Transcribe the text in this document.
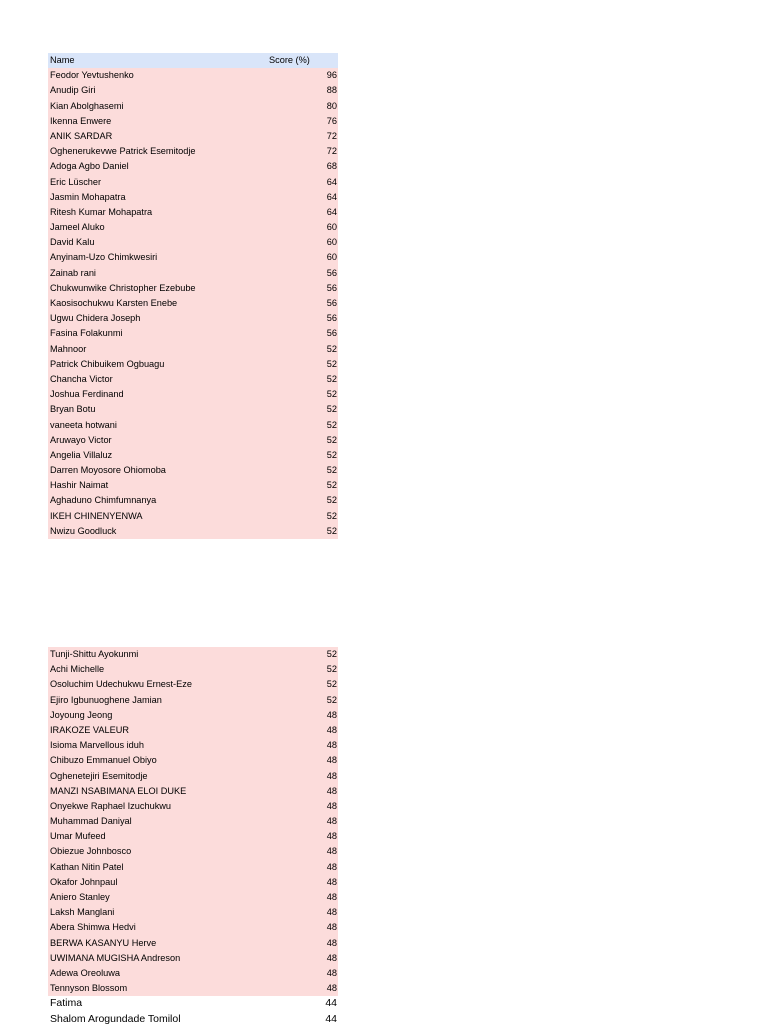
Name	Score (%)
Feodor Yevtushenko	96
Anudip Giri	88
Kian Abolghasemi	80
Ikenna Enwere	76
ANIK SARDAR	72
Oghenerukevwe Patrick Esemitodje	72
Adoga Agbo Daniel	68
Eric Lüscher	64
Jasmin Mohapatra	64
Ritesh Kumar Mohapatra	64
Jameel Aluko	60
David Kalu	60
Anyinam-Uzo Chimkwesiri	60
Zainab rani	56
Chukwunwike Christopher Ezebube	56
Kaosisochukwu Karsten Enebe	56
Ugwu Chidera Joseph	56
Fasina Folakunmi	56
Mahnoor	52
Patrick Chibuikem Ogbuagu	52
Chancha Victor	52
Joshua Ferdinand	52
Bryan Botu	52
vaneeta hotwani	52
Aruwayo Victor	52
Angelia Villaluz	52
Darren Moyosore Ohiomoba	52
Hashir Naimat	52
Aghaduno Chimfumnanya	52
IKEH CHINENYENWA	52
Nwizu Goodluck	52
Tunji-Shittu Ayokunmi	52
Achi Michelle	52
Osoluchim Udechukwu Ernest-Eze	52
Ejiro Igbunuoghene Jamian	52
Joyoung Jeong	48
IRAKOZE VALEUR	48
Isioma Marvellous iduh	48
Chibuzo Emmanuel Obiyo	48
Oghenetejiri Esemitodje	48
MANZI NSABIMANA ELOI DUKE	48
Onyekwe Raphael Izuchukwu	48
Muhammad Daniyal	48
Umar Mufeed	48
Obiezue Johnbosco	48
Kathan Nitin Patel	48
Okafor Johnpaul	48
Aniero Stanley	48
Laksh Manglani	48
Abera Shimwa Hedvi	48
BERWA KASANYU Herve	48
UWIMANA MUGISHA Andreson	48
Adewa Oreoluwa	48
Tennyson Blossom	48
Fatima	44
Shalom Arogundade Tomilol	44
